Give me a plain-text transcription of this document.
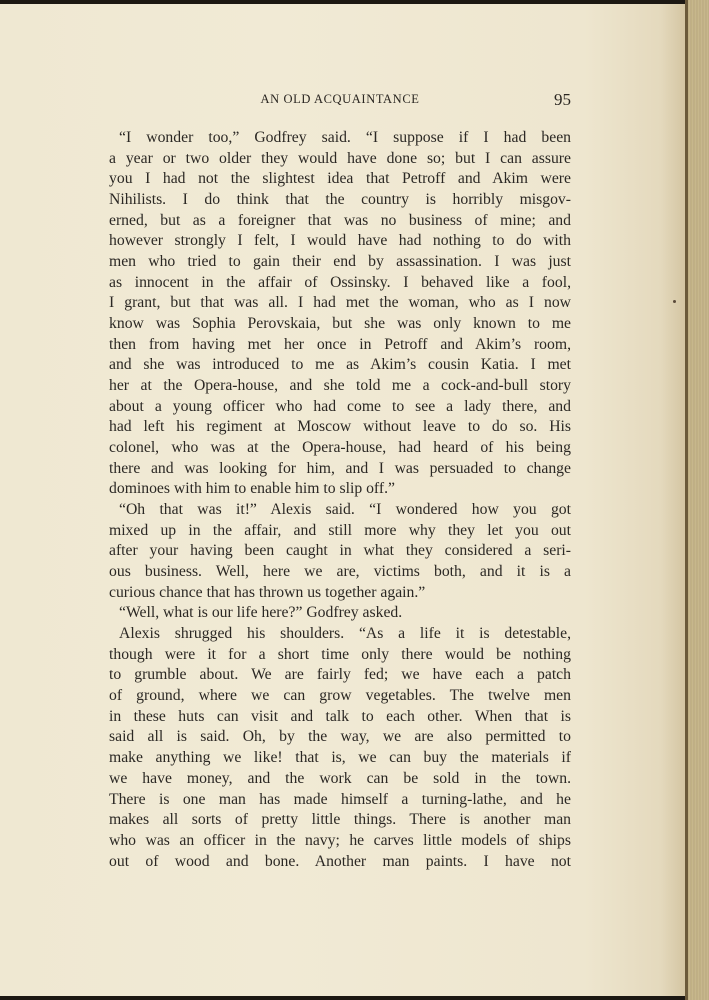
AN OLD ACQUAINTANCE	95
“I wonder too,” Godfrey said. “I suppose if I had been
a year or two older they would have done so; but I can assure
you I had not the slightest idea that Petroff and Akim were
Nihilists. I do think that the country is horribly misgov-
erned, but as a foreigner that was no business of mine; and
however strongly I felt, I would have had nothing to do with
men who tried to gain their end by assassination. I was just
as innocent in the affair of Ossinsky. I behaved like a fool,
I grant, but that was all. I had met the woman, who as I now
know was Sophia Perovskaia, but she was only known to me
then from having met her once in Petroff and Akim’s room,
and she was introduced to me as Akim’s cousin Katia. I met
her at the Opera-house, and she told me a cock-and-bull story
about a young officer who had come to see a lady there, and
had left his regiment at Moscow without leave to do so. His
colonel, who was at the Opera-house, had heard of his being
there and was looking for him, and I was persuaded to change
dominoes with him to enable him to slip off.”
“Oh that was it!” Alexis said. “I wondered how you got
mixed up in the affair, and still more why they let you out
after your having been caught in what they considered a seri-
ous business. Well, here we are, victims both, and it is a
curious chance that has thrown us together again.”
“Well, what is our life here?” Godfrey asked.
Alexis shrugged his shoulders. “As a life it is detestable,
though were it for a short time only there would be nothing
to grumble about. We are fairly fed; we have each a patch
of ground, where we can grow vegetables. The twelve men
in these huts can visit and talk to each other. When that is
said all is said. Oh, by the way, we are also permitted to
make anything we like! that is, we can buy the materials if
we have money, and the work can be sold in the town.
There is one man has made himself a turning-lathe, and he
makes all sorts of pretty little things. There is another man
who was an officer in the navy; he carves little models of ships
out of wood and bone. Another man paints. I have not
